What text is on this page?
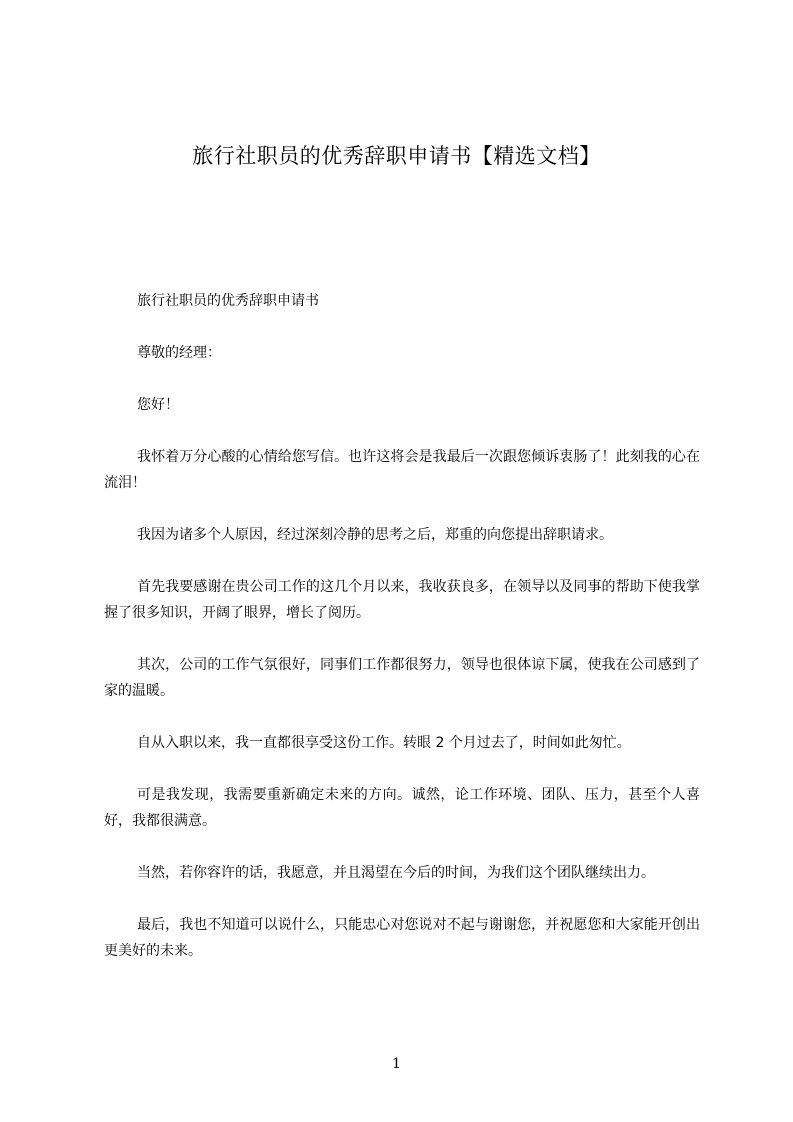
旅行社职员的优秀辞职申请书【精选文档】

旅行社职员的优秀辞职申请书

尊敬的经理：

您好！

我怀着万分心酸的心情给您写信。也许这将会是我最后一次跟您倾诉衷肠了！此刻我的心在流泪！

我因为诸多个人原因，经过深刻冷静的思考之后，郑重的向您提出辞职请求。

首先我要感谢在贵公司工作的这几个月以来，我收获良多，在领导以及同事的帮助下使我掌握了很多知识，开阔了眼界，增长了阅历。

其次，公司的工作气氛很好，同事们工作都很努力，领导也很体谅下属，使我在公司感到了家的温暖。

自从入职以来，我一直都很享受这份工作。转眼 2 个月过去了，时间如此匆忙。

可是我发现，我需要重新确定未来的方向。诚然，论工作环境、团队、压力，甚至个人喜好，我都很满意。

当然，若你容许的话，我愿意，并且渴望在今后的时间，为我们这个团队继续出力。

最后，我也不知道可以说什么，只能忠心对您说对不起与谢谢您，并祝愿您和大家能开创出更美好的未来。

1
